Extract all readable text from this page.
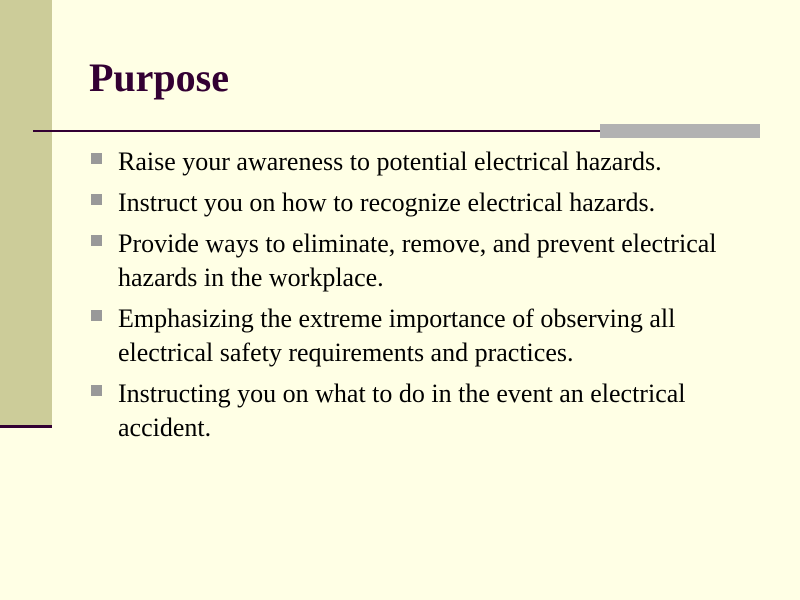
Purpose
Raise your awareness to potential electrical hazards.
Instruct you on how to recognize electrical hazards.
Provide ways to eliminate, remove, and prevent electrical hazards in the workplace.
Emphasizing the extreme importance of observing all electrical safety requirements and practices.
Instructing you on what to do in the event an electrical accident.
